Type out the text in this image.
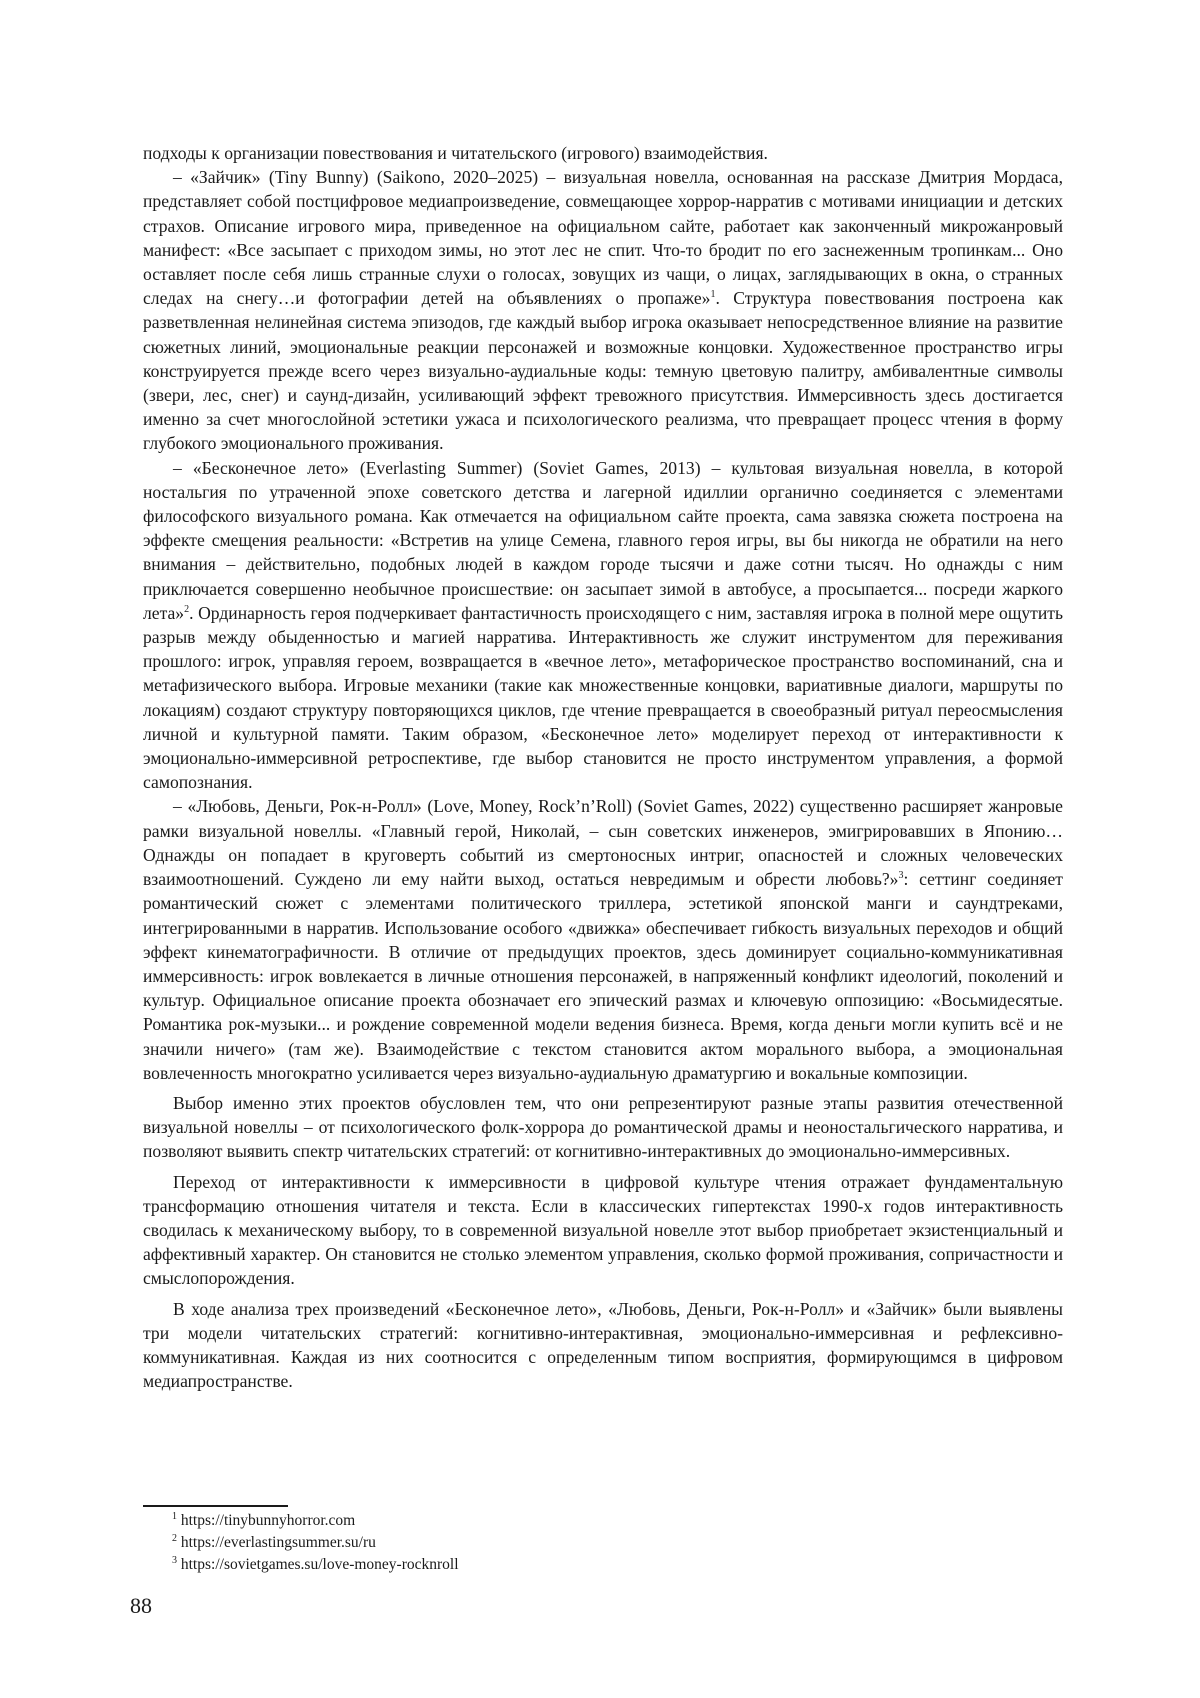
подходы к организации повествования и читательского (игрового) взаимодействия.

– «Зайчик» (Tiny Bunny) (Saikono, 2020–2025) – визуальная новелла, основанная на рассказе Дмитрия Мордаса, представляет собой постцифровое медиапроизведение, совмещающее хоррор-нарратив с мотивами инициации и детских страхов. Описание игрового мира, приведенное на официальном сайте, работает как законченный микрожанровый манифест: «Все засыпает с приходом зимы, но этот лес не спит. Что-то бродит по его заснеженным тропинкам... Оно оставляет после себя лишь странные слухи о голосах, зовущих из чащи, о лицах, заглядывающих в окна, о странных следах на снегу…и фотографии детей на объявлениях о пропаже»$^1$. Структура повествования построена как разветвленная нелинейная система эпизодов, где каждый выбор игрока оказывает непосредственное влияние на развитие сюжетных линий, эмоциональные реакции персонажей и возможные концовки. Художественное пространство игры конструируется прежде всего через визуально-аудиальные коды: темную цветовую палитру, амбивалентные символы (звери, лес, снег) и саунд-дизайн, усиливающий эффект тревожного присутствия. Иммерсивность здесь достигается именно за счет многослойной эстетики ужаса и психологического реализма, что превращает процесс чтения в форму глубокого эмоционального проживания.

– «Бесконечное лето» (Everlasting Summer) (Soviet Games, 2013) – культовая визуальная новелла, в которой ностальгия по утраченной эпохе советского детства и лагерной идиллии органично соединяется с элементами философского визуального романа. Как отмечается на официальном сайте проекта, сама завязка сюжета построена на эффекте смещения реальности: «Встретив на улице Семена, главного героя игры, вы бы никогда не обратили на него внимания – действительно, подобных людей в каждом городе тысячи и даже сотни тысяч. Но однажды с ним приключается совершенно необычное происшествие: он засыпает зимой в автобусе, а просыпается... посреди жаркого лета»$^2$. Ординарность героя подчеркивает фантастичность происходящего с ним, заставляя игрока в полной мере ощутить разрыв между обыденностью и магией нарратива. Интерактивность же служит инструментом для переживания прошлого: игрок, управляя героем, возвращается в «вечное лето», метафорическое пространство воспоминаний, сна и метафизического выбора. Игровые механики (такие как множественные концовки, вариативные диалоги, маршруты по локациям) создают структуру повторяющихся циклов, где чтение превращается в своеобразный ритуал переосмысления личной и культурной памяти. Таким образом, «Бесконечное лето» моделирует переход от интерактивности к эмоционально-иммерсивной ретроспективе, где выбор становится не просто инструментом управления, а формой самопознания.

– «Любовь, Деньги, Рок-н-Ролл» (Love, Money, Rock’n’Roll) (Soviet Games, 2022) существенно расширяет жанровые рамки визуальной новеллы. «Главный герой, Николай, – сын советских инженеров, эмигрировавших в Японию…Однажды он попадает в круговерть событий из смертоносных интриг, опасностей и сложных человеческих взаимоотношений. Суждено ли ему найти выход, остаться невредимым и обрести любовь?»$^3$: сеттинг соединяет романтический сюжет с элементами политического триллера, эстетикой японской манги и саундтреками, интегрированными в нарратив. Использование особого «движка» обеспечивает гибкость визуальных переходов и общий эффект кинематографичности. В отличие от предыдущих проектов, здесь доминирует социально-коммуникативная иммерсивность: игрок вовлекается в личные отношения персонажей, в напряженный конфликт идеологий, поколений и культур. Официальное описание проекта обозначает его эпический размах и ключевую оппозицию: «Восьмидесятые. Романтика рок-музыки... и рождение современной модели ведения бизнеса. Время, когда деньги могли купить всё и не значили ничего» (там же). Взаимодействие с текстом становится актом морального выбора, а эмоциональная вовлеченность многократно усиливается через визуально-аудиальную драматургию и вокальные композиции.

Выбор именно этих проектов обусловлен тем, что они репрезентируют разные этапы развития отечественной визуальной новеллы – от психологического фолк-хоррора до романтической драмы и неоностальгического нарратива, и позволяют выявить спектр читательских стратегий: от когнитивно-интерактивных до эмоционально-иммерсивных.

Переход от интерактивности к иммерсивности в цифровой культуре чтения отражает фундаментальную трансформацию отношения читателя и текста. Если в классических гипертекстах 1990-х годов интерактивность сводилась к механическому выбору, то в современной визуальной новелле этот выбор приобретает экзистенциальный и аффективный характер. Он становится не столько элементом управления, сколько формой проживания, сопричастности и смыслопорождения.

В ходе анализа трех произведений «Бесконечное лето», «Любовь, Деньги, Рок-н-Ролл» и «Зайчик» были выявлены три модели читательских стратегий: когнитивно-интерактивная, эмоционально-иммерсивная и рефлексивно-коммуникативная. Каждая из них соотносится с определенным типом восприятия, формирующимся в цифровом медиапространстве.

$^1$ https://tinybunnyhorror.com

$^2$ https://everlastingsummer.su/ru

$^3$ https://sovietgames.su/love-money-rocknroll

88
